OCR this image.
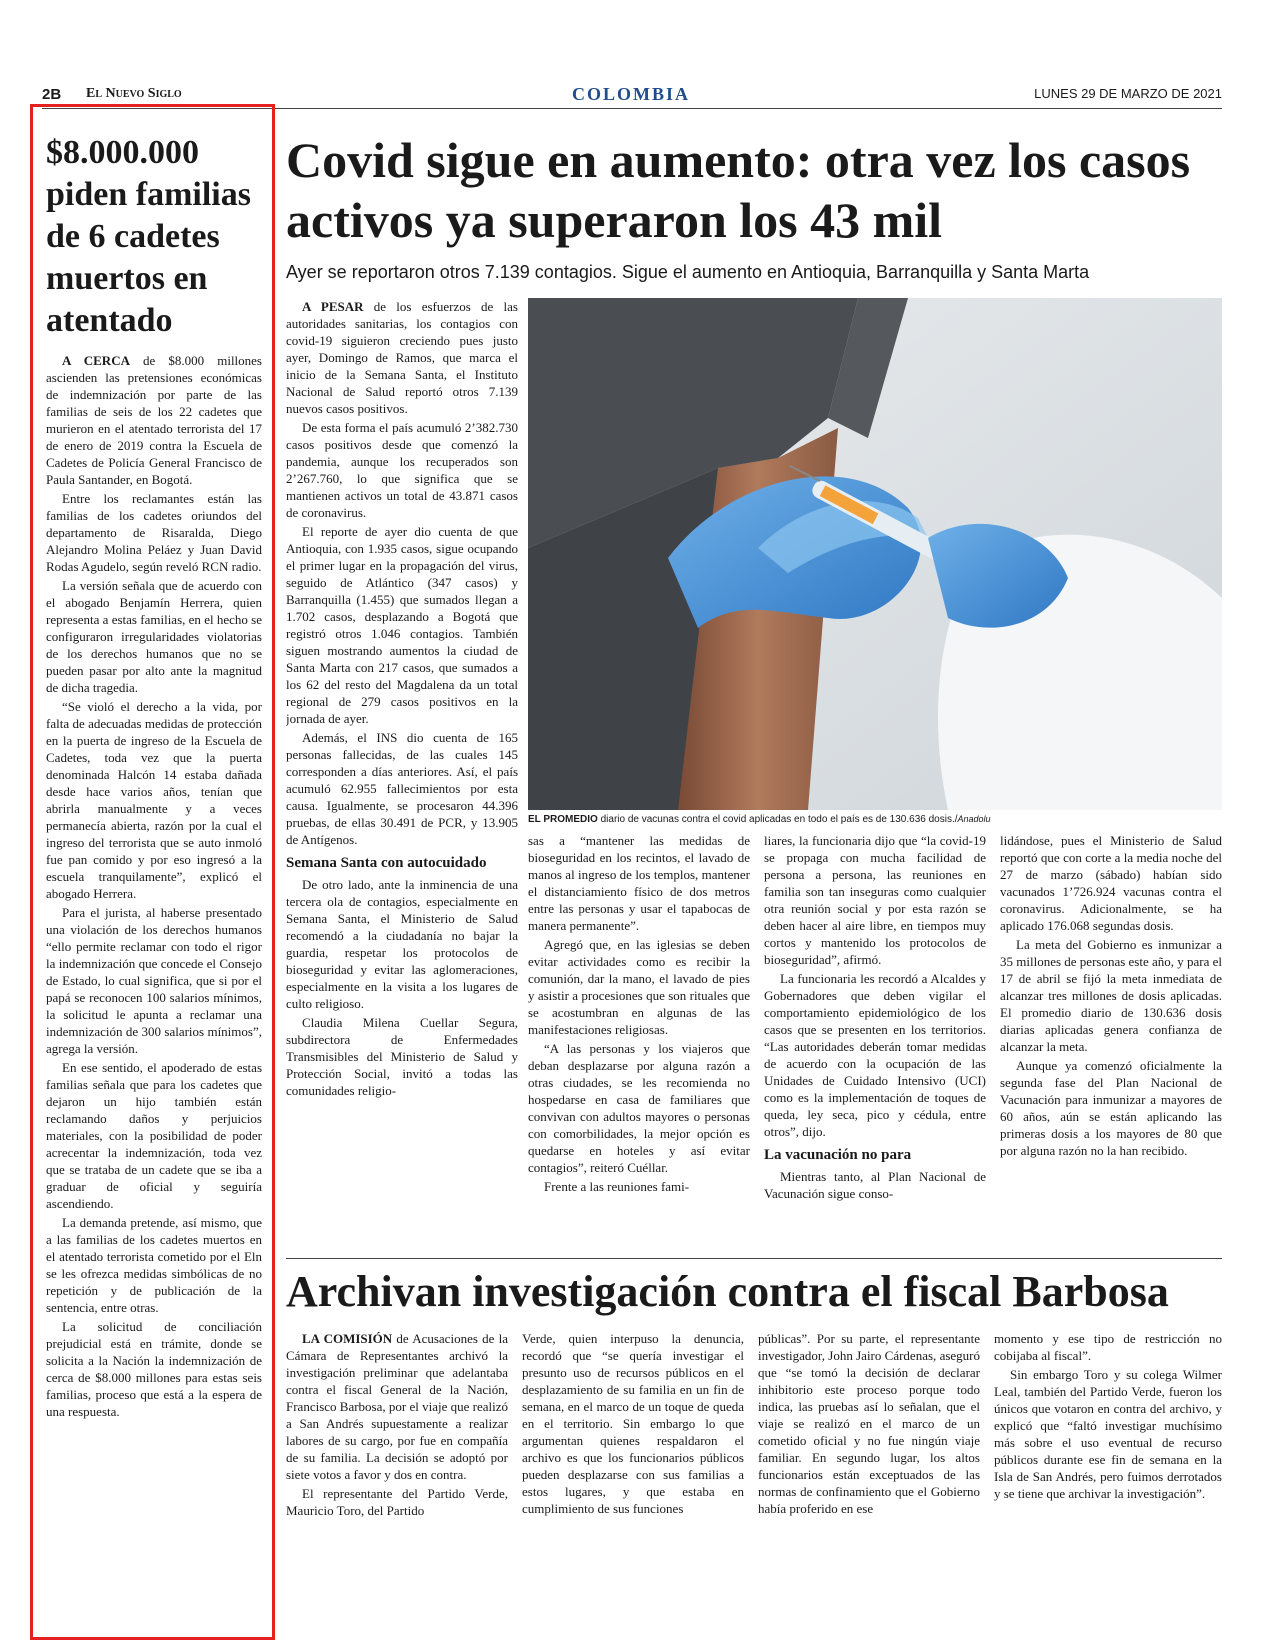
2B El Nuevo Siglo	COLOMBIA	LUNES 29 DE MARZO DE 2021
$8.000.000 piden familias de 6 cadetes muertos en atentado

A CERCA de $8.000 millones ascienden las pretensiones económicas de indemnización por parte de las familias de seis de los 22 cadetes que murieron en el atentado terrorista del 17 de enero de 2019 contra la Escuela de Cadetes de Policía General Francisco de Paula Santander, en Bogotá.

Entre los reclamantes están las familias de los cadetes oriundos del departamento de Risaralda, Diego Alejandro Molina Peláez y Juan David Rodas Agudelo, según reveló RCN radio.

La versión señala que de acuerdo con el abogado Benjamín Herrera, quien representa a estas familias, en el hecho se configuraron irregularidades violatorias de los derechos humanos que no se pueden pasar por alto ante la magnitud de dicha tragedia.

“Se violó el derecho a la vida, por falta de adecuadas medidas de protección en la puerta de ingreso de la Escuela de Cadetes, toda vez que la puerta denominada Halcón 14 estaba dañada desde hace varios años, tenían que abrirla manualmente y a veces permanecía abierta, razón por la cual el ingreso del terrorista que se auto inmoló fue pan comido y por eso ingresó a la escuela tranquilamente”, explicó el abogado Herrera.

Para el jurista, al haberse presentado una violación de los derechos humanos “ello permite reclamar con todo el rigor la indemnización que concede el Consejo de Estado, lo cual significa, que si por el papá se reconocen 100 salarios mínimos, la solicitud le apunta a reclamar una indemnización de 300 salarios mínimos”, agrega la versión.

En ese sentido, el apoderado de estas familias señala que para los cadetes que dejaron un hijo también están reclamando daños y perjuicios materiales, con la posibilidad de poder acrecentar la indemnización, toda vez que se trataba de un cadete que se iba a graduar de oficial y seguiría ascendiendo.

La demanda pretende, así mismo, que a las familias de los cadetes muertos en el atentado terrorista cometido por el Eln se les ofrezca medidas simbólicas de no repetición y de publicación de la sentencia, entre otras.

La solicitud de conciliación prejudicial está en trámite, donde se solicita a la Nación la indemnización de cerca de $8.000 millones para estas seis familias, proceso que está a la espera de una respuesta.

Covid sigue en aumento: otra vez los casos activos ya superaron los 43 mil
Ayer se reportaron otros 7.139 contagios. Sigue el aumento en Antioquia, Barranquilla y Santa Marta
EL PROMEDIO diario de vacunas contra el covid aplicadas en todo el país es de 130.636 dosis./Anadolu

A PESAR de los esfuerzos de las autoridades sanitarias, los contagios con covid-19 siguieron creciendo pues justo ayer, Domingo de Ramos, que marca el inicio de la Semana Santa, el Instituto Nacional de Salud reportó otros 7.139 nuevos casos positivos.

De esta forma el país acumuló 2’382.730 casos positivos desde que comenzó la pandemia, aunque los recuperados son 2’267.760, lo que significa que se mantienen activos un total de 43.871 casos de coronavirus.

El reporte de ayer dio cuenta de que Antioquia, con 1.935 casos, sigue ocupando el primer lugar en la propagación del virus, seguido de Atlántico (347 casos) y Barranquilla (1.455) que sumados llegan a 1.702 casos, desplazando a Bogotá que registró otros 1.046 contagios. También siguen mostrando aumentos la ciudad de Santa Marta con 217 casos, que sumados a los 62 del resto del Magdalena da un total regional de 279 casos positivos en la jornada de ayer.

Además, el INS dio cuenta de 165 personas fallecidas, de las cuales 145 corresponden a días anteriores. Así, el país acumuló 62.955 fallecimientos por esta causa. Igualmente, se procesaron 44.396 pruebas, de ellas 30.491 de PCR, y 13.905 de Antígenos.

Semana Santa con autocuidado

De otro lado, ante la inminencia de una tercera ola de contagios, especialmente en Semana Santa, el Ministerio de Salud recomendó a la ciudadanía no bajar la guardia, respetar los protocolos de bioseguridad y evitar las aglomeraciones, especialmente en la visita a los lugares de culto religioso.

Claudia Milena Cuellar Segura, subdirectora de Enfermedades Transmisibles del Ministerio de Salud y Protección Social, invitó a todas las comunidades religio-

sas a “mantener las medidas de bioseguridad en los recintos, el lavado de manos al ingreso de los templos, mantener el distanciamiento físico de dos metros entre las personas y usar el tapabocas de manera permanente”.

Agregó que, en las iglesias se deben evitar actividades como es recibir la comunión, dar la mano, el lavado de pies y asistir a procesiones que son rituales que se acostumbran en algunas de las manifestaciones religiosas.

“A las personas y los viajeros que deban desplazarse por alguna razón a otras ciudades, se les recomienda no hospedarse en casa de familiares que convivan con adultos mayores o personas con comorbilidades, la mejor opción es quedarse en hoteles y así evitar contagios”, reiteró Cuéllar.

Frente a las reuniones fami-

liares, la funcionaria dijo que “la covid-19 se propaga con mucha facilidad de persona a persona, las reuniones en familia son tan inseguras como cualquier otra reunión social y por esta razón se deben hacer al aire libre, en tiempos muy cortos y mantenido los protocolos de bioseguridad”, afirmó.

La funcionaria les recordó a Alcaldes y Gobernadores que deben vigilar el comportamiento epidemiológico de los casos que se presenten en los territorios. “Las autoridades deberán tomar medidas de acuerdo con la ocupación de las Unidades de Cuidado Intensivo (UCI) como es la implementación de toques de queda, ley seca, pico y cédula, entre otros”, dijo.

La vacunación no para

Mientras tanto, al Plan Nacional de Vacunación sigue conso-

lidándose, pues el Ministerio de Salud reportó que con corte a la media noche del 27 de marzo (sábado) habían sido vacunados 1’726.924 vacunas contra el coronavirus. Adicionalmente, se ha aplicado 176.068 segundas dosis.

La meta del Gobierno es inmunizar a 35 millones de personas este año, y para el 17 de abril se fijó la meta inmediata de alcanzar tres millones de dosis aplicadas. El promedio diario de 130.636 dosis diarias aplicadas genera confianza de alcanzar la meta.

Aunque ya comenzó oficialmente la segunda fase del Plan Nacional de Vacunación para inmunizar a mayores de 60 años, aún se están aplicando las primeras dosis a los mayores de 80 que por alguna razón no la han recibido.

Archivan investigación contra el fiscal Barbosa

LA COMISIÓN de Acusaciones de la Cámara de Representantes archivó la investigación preliminar que adelantaba contra el fiscal General de la Nación, Francisco Barbosa, por el viaje que realizó a San Andrés supuestamente a realizar labores de su cargo, por fue en compañía de su familia. La decisión se adoptó por siete votos a favor y dos en contra.

El representante del Partido Verde, Mauricio Toro, del Partido

Verde, quien interpuso la denuncia, recordó que “se quería investigar el presunto uso de recursos públicos en el desplazamiento de su familia en un fin de semana, en el marco de un toque de queda en el territorio. Sin embargo lo que argumentan quienes respaldaron el archivo es que los funcionarios públicos pueden desplazarse con sus familias a estos lugares, y que estaba en cumplimiento de sus funciones

públicas”. Por su parte, el representante investigador, John Jairo Cárdenas, aseguró que “se tomó la decisión de declarar inhibitorio este proceso porque todo indica, las pruebas así lo señalan, que el viaje se realizó en el marco de un cometido oficial y no fue ningún viaje familiar. En segundo lugar, los altos funcionarios están exceptuados de las normas de confinamiento que el Gobierno había proferido en ese

momento y ese tipo de restricción no cobijaba al fiscal”.

Sin embargo Toro y su colega Wilmer Leal, también del Partido Verde, fueron los únicos que votaron en contra del archivo, y explicó que “faltó investigar muchísimo más sobre el uso eventual de recurso públicos durante ese fin de semana en la Isla de San Andrés, pero fuimos derrotados y se tiene que archivar la investigación”.
